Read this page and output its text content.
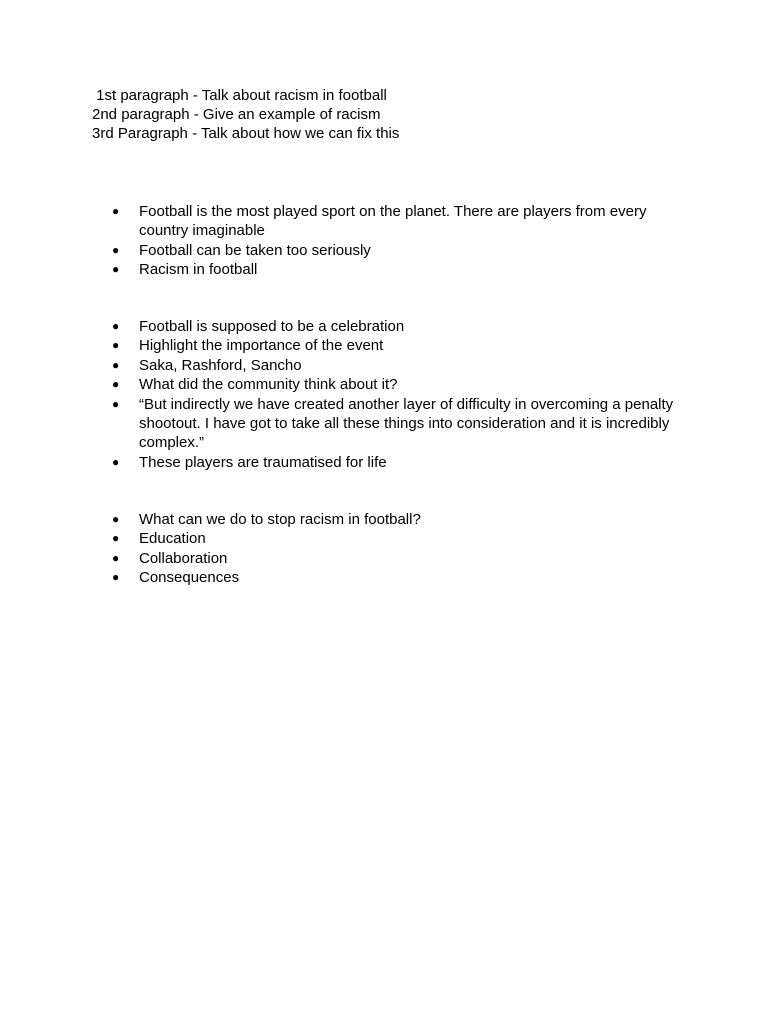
1st paragraph - Talk about racism in football
2nd paragraph - Give an example of racism
3rd Paragraph - Talk about how we can fix this
● Football is the most played sport on the planet. There are players from every country imaginable
● Football can be taken too seriously
● Racism in football
● Football is supposed to be a celebration
● Highlight the importance of the event
● Saka, Rashford, Sancho
● What did the community think about it?
● “But indirectly we have created another layer of difficulty in overcoming a penalty shootout. I have got to take all these things into consideration and it is incredibly complex.”
● These players are traumatised for life
● What can we do to stop racism in football?
● Education
● Collaboration
● Consequences
